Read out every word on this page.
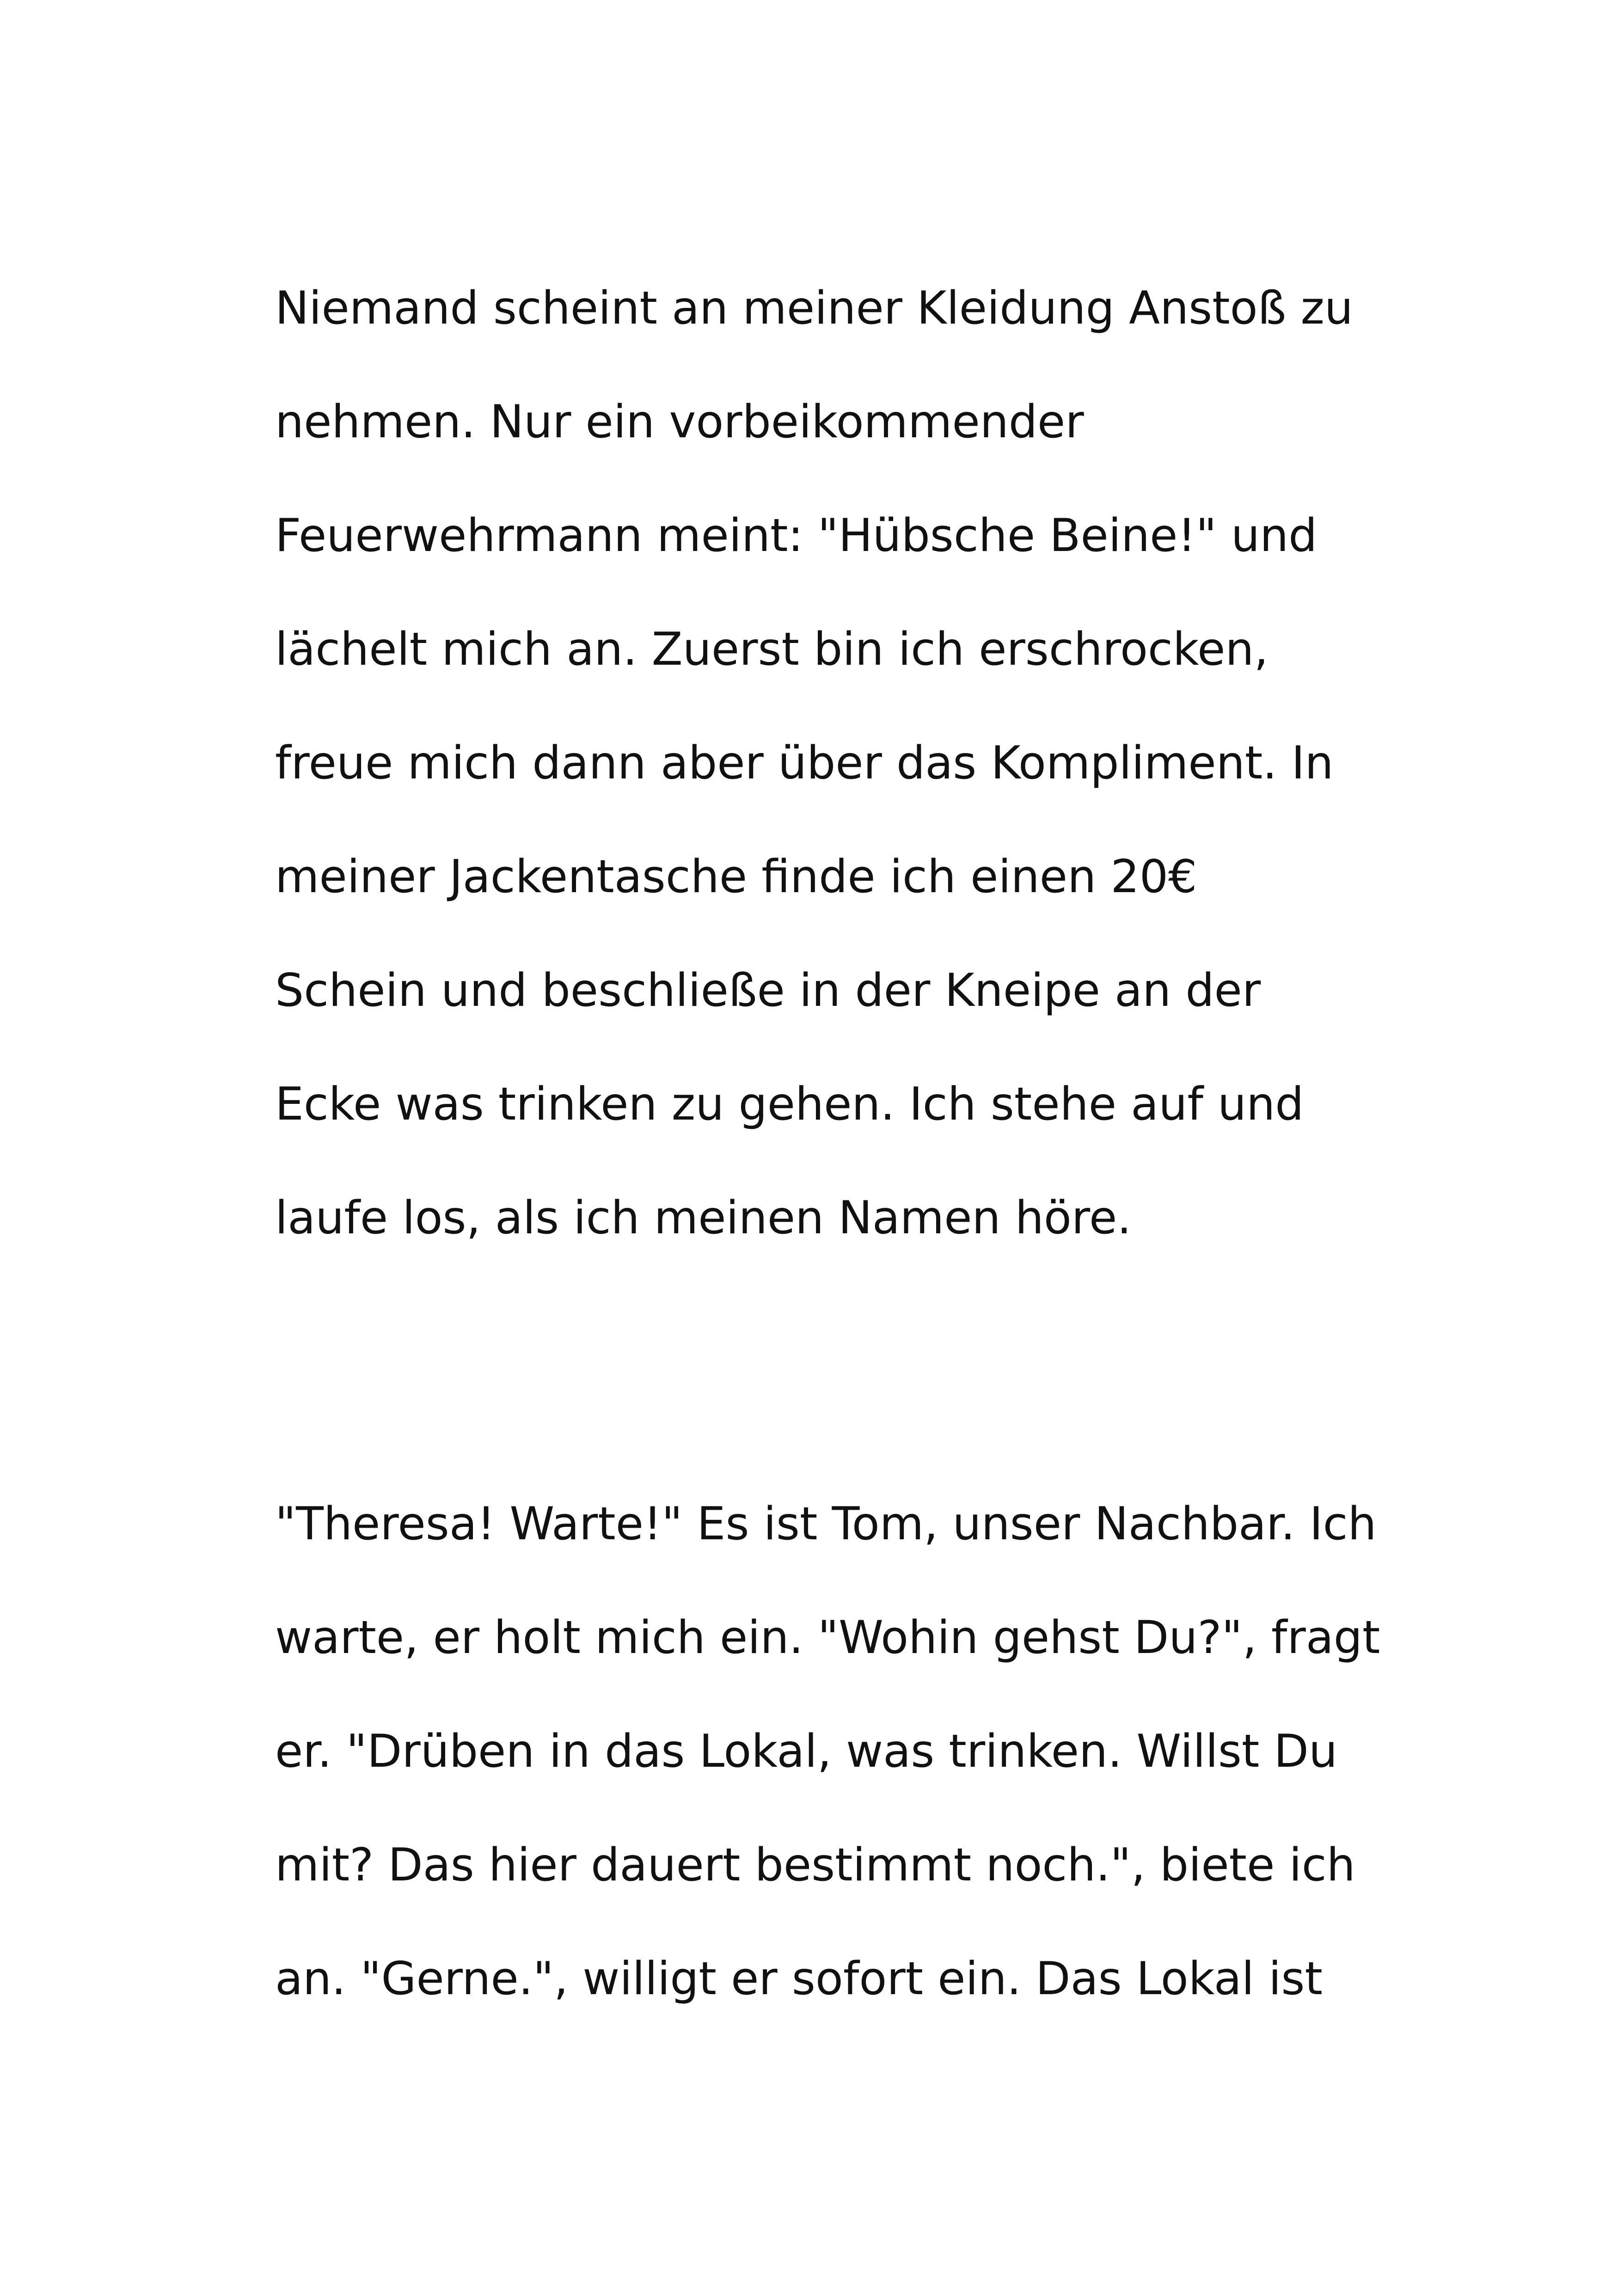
Niemand scheint an meiner Kleidung Anstoß zu
nehmen. Nur ein vorbeikommender
Feuerwehrmann meint: "Hübsche Beine!" und
lächelt mich an. Zuerst bin ich erschrocken,
freue mich dann aber über das Kompliment. In
meiner Jackentasche finde ich einen 20€
Schein und beschließe in der Kneipe an der
Ecke was trinken zu gehen. Ich stehe auf und
laufe los, als ich meinen Namen höre.
"Theresa! Warte!" Es ist Tom, unser Nachbar. Ich
warte, er holt mich ein. "Wohin gehst Du?", fragt
er. "Drüben in das Lokal, was trinken. Willst Du
mit? Das hier dauert bestimmt noch.", biete ich
an. "Gerne.", willigt er sofort ein. Das Lokal ist
